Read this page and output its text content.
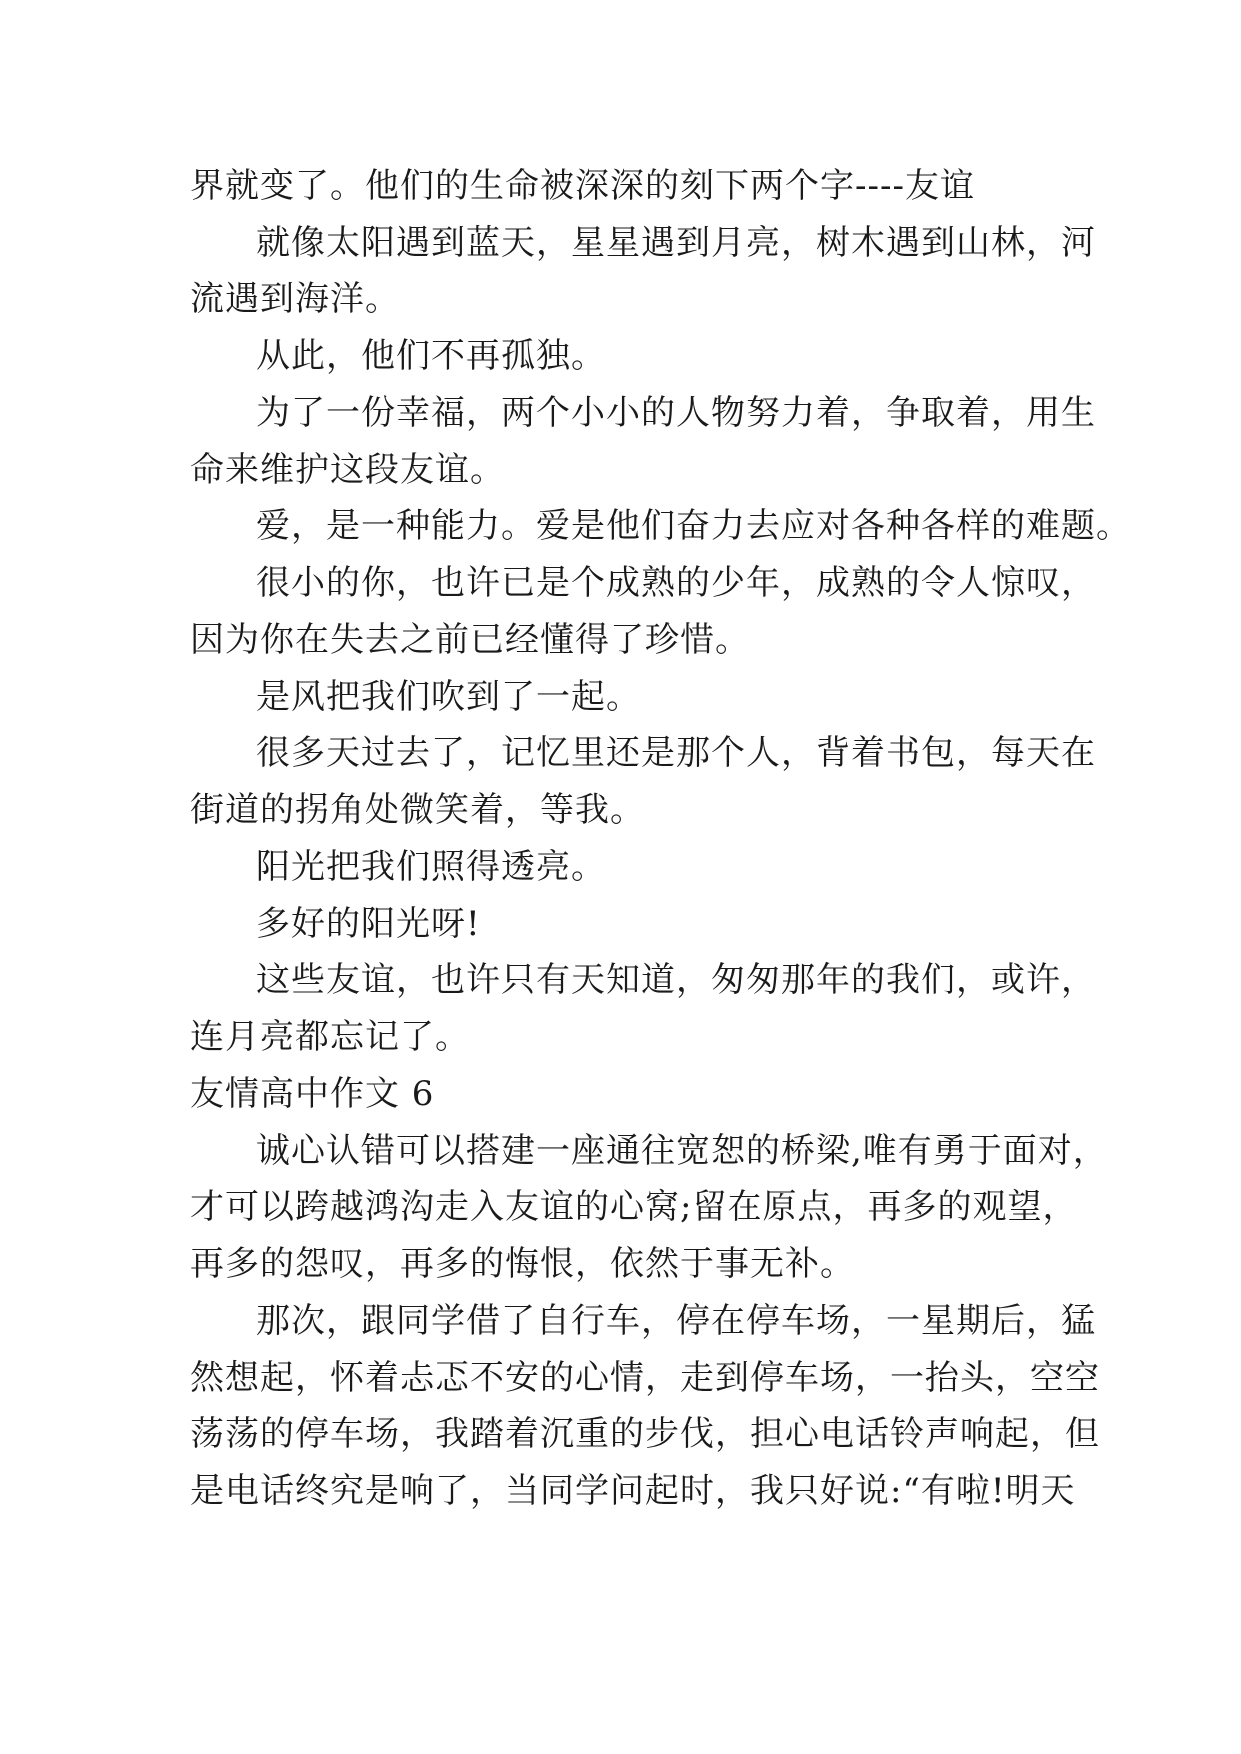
界就变了。他们的生命被深深的刻下两个字----友谊
就像太阳遇到蓝天，星星遇到月亮，树木遇到山林，河
流遇到海洋。
从此，他们不再孤独。
为了一份幸福，两个小小的人物努力着，争取着，用生
命来维护这段友谊。
爱，是一种能力。爱是他们奋力去应对各种各样的难题。
很小的你，也许已是个成熟的少年，成熟的令人惊叹，
因为你在失去之前已经懂得了珍惜。
是风把我们吹到了一起。
很多天过去了，记忆里还是那个人，背着书包，每天在
街道的拐角处微笑着，等我。
阳光把我们照得透亮。
多好的阳光呀!
这些友谊，也许只有天知道，匆匆那年的我们，或许，
连月亮都忘记了。
友情高中作文 6
诚心认错可以搭建一座通往宽恕的桥梁,唯有勇于面对，
才可以跨越鸿沟走入友谊的心窝;留在原点，再多的观望，
再多的怨叹，再多的悔恨，依然于事无补。
那次，跟同学借了自行车，停在停车场，一星期后，猛
然想起，怀着忐忑不安的心情，走到停车场，一抬头，空空
荡荡的停车场，我踏着沉重的步伐，担心电话铃声响起，但
是电话终究是响了，当同学问起时，我只好说:“有啦!明天
